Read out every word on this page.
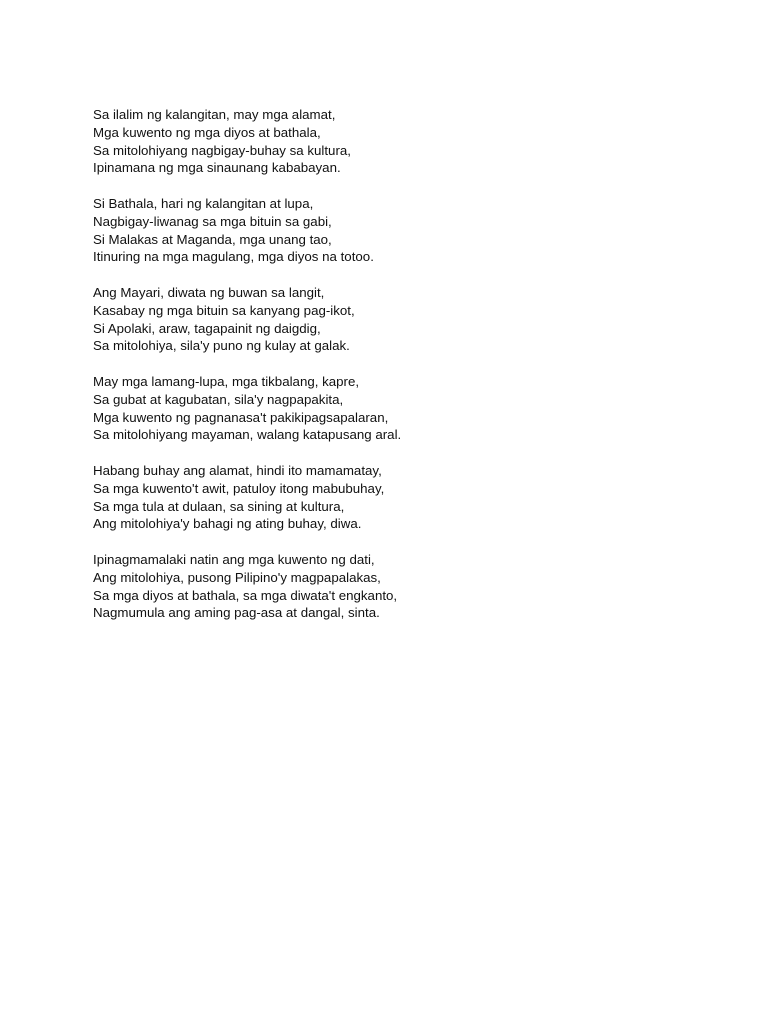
Sa ilalim ng kalangitan, may mga alamat,
Mga kuwento ng mga diyos at bathala,
Sa mitolohiyang nagbigay-buhay sa kultura,
Ipinamana ng mga sinaunang kababayan.
Si Bathala, hari ng kalangitan at lupa,
Nagbigay-liwanag sa mga bituin sa gabi,
Si Malakas at Maganda, mga unang tao,
Itinuring na mga magulang, mga diyos na totoo.
Ang Mayari, diwata ng buwan sa langit,
Kasabay ng mga bituin sa kanyang pag-ikot,
Si Apolaki, araw, tagapainit ng daigdig,
Sa mitolohiya, sila'y puno ng kulay at galak.
May mga lamang-lupa, mga tikbalang, kapre,
Sa gubat at kagubatan, sila'y nagpapakita,
Mga kuwento ng pagnanasa't pakikipagsapalaran,
Sa mitolohiyang mayaman, walang katapusang aral.
Habang buhay ang alamat, hindi ito mamamatay,
Sa mga kuwento't awit, patuloy itong mabubuhay,
Sa mga tula at dulaan, sa sining at kultura,
Ang mitolohiya'y bahagi ng ating buhay, diwa.
Ipinagmamalaki natin ang mga kuwento ng dati,
Ang mitolohiya, pusong Pilipino'y magpapalakas,
Sa mga diyos at bathala, sa mga diwata't engkanto,
Nagmumula ang aming pag-asa at dangal, sinta.
